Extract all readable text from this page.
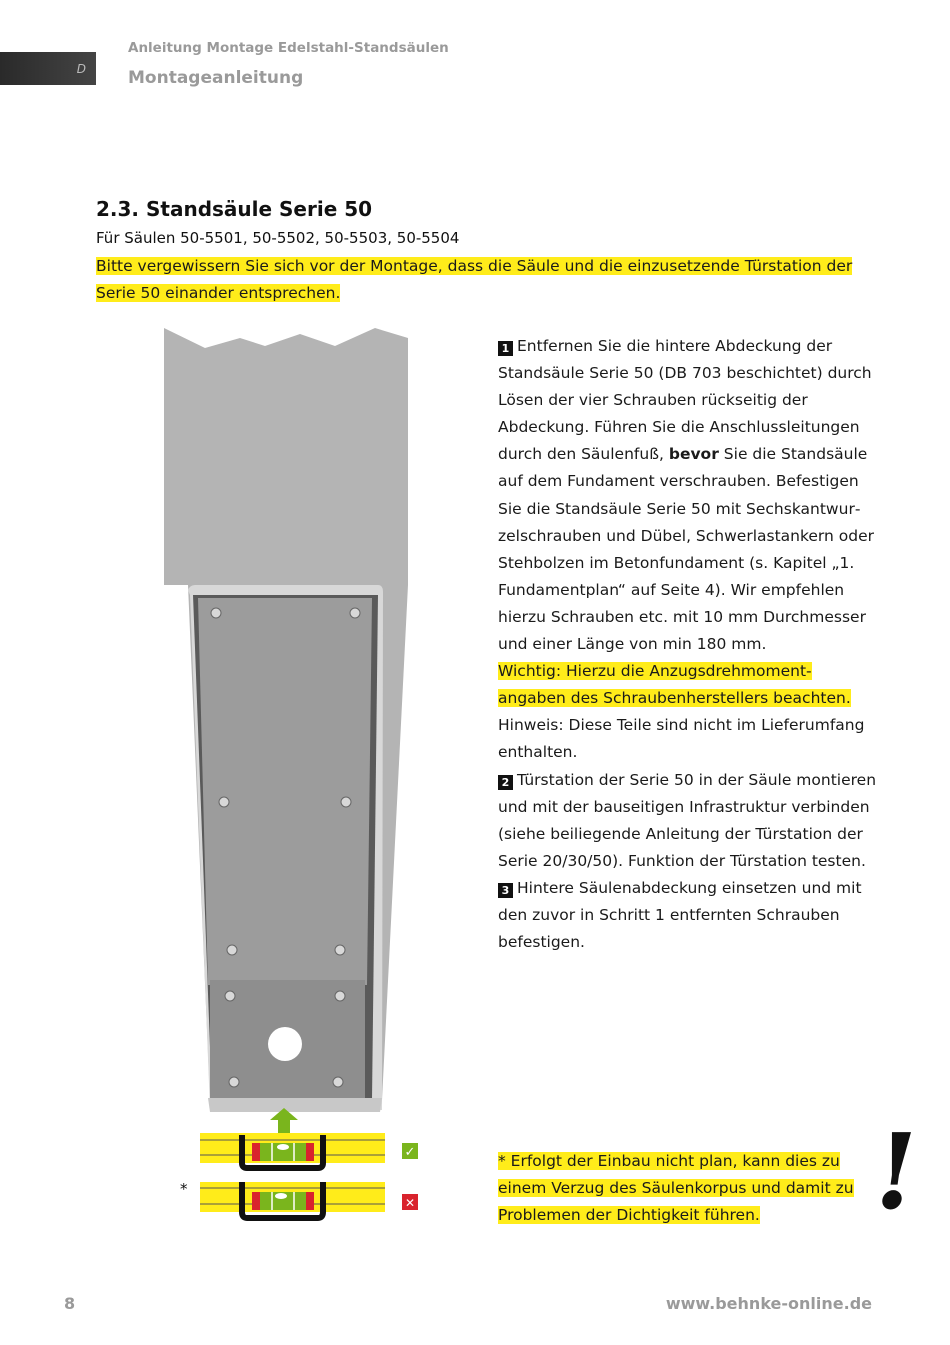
D
Anleitung Montage Edelstahl-Standsäulen
Montageanleitung
2.3. Standsäule Serie 50
Für Säulen 50-5501, 50-5502, 50-5503, 50-5504
Bitte vergewissern Sie sich vor der Montage, dass die Säule und die einzusetzende Türstation der
Serie 50 einander entsprechen.
✓
✕
*
1 Entfernen Sie die hintere Abdeckung der Standsäule Serie 50 (DB 703 beschichtet) durch Lösen der vier Schrauben rückseitig der Abdeckung. Führen Sie die Anschlussleitungen durch den Säulenfuß, bevor Sie die Standsäule auf dem Fundament verschrauben. Befestigen Sie die Standsäule Serie 50 mit Sechskantwurzelschrauben und Dübel, Schwerlastankern oder Stehbolzen im Betonfundament (s. Kapitel „1. Fundamentplan“ auf Seite 4). Wir empfehlen hierzu Schrauben etc. mit 10 mm Durchmesser und einer Länge von min 180 mm.
Wichtig: Hierzu die Anzugsdrehmoment-
angaben des Schraubenherstellers beachten.
Hinweis: Diese Teile sind nicht im Lieferumfang enthalten.
2 Türstation der Serie 50 in der Säule montieren und mit der bauseitigen Infrastruktur verbinden (siehe beiliegende Anleitung der Türstation der Serie 20/30/50). Funktion der Türstation testen.
3 Hintere Säulenabdeckung einsetzen und mit den zuvor in Schritt 1 entfernten Schrauben befestigen.
* Erfolgt der Einbau nicht plan, kann dies zu
einem Verzug des Säulenkorpus und damit zu
Problemen der Dichtigkeit führen.	!
8	www.behnke-online.de
